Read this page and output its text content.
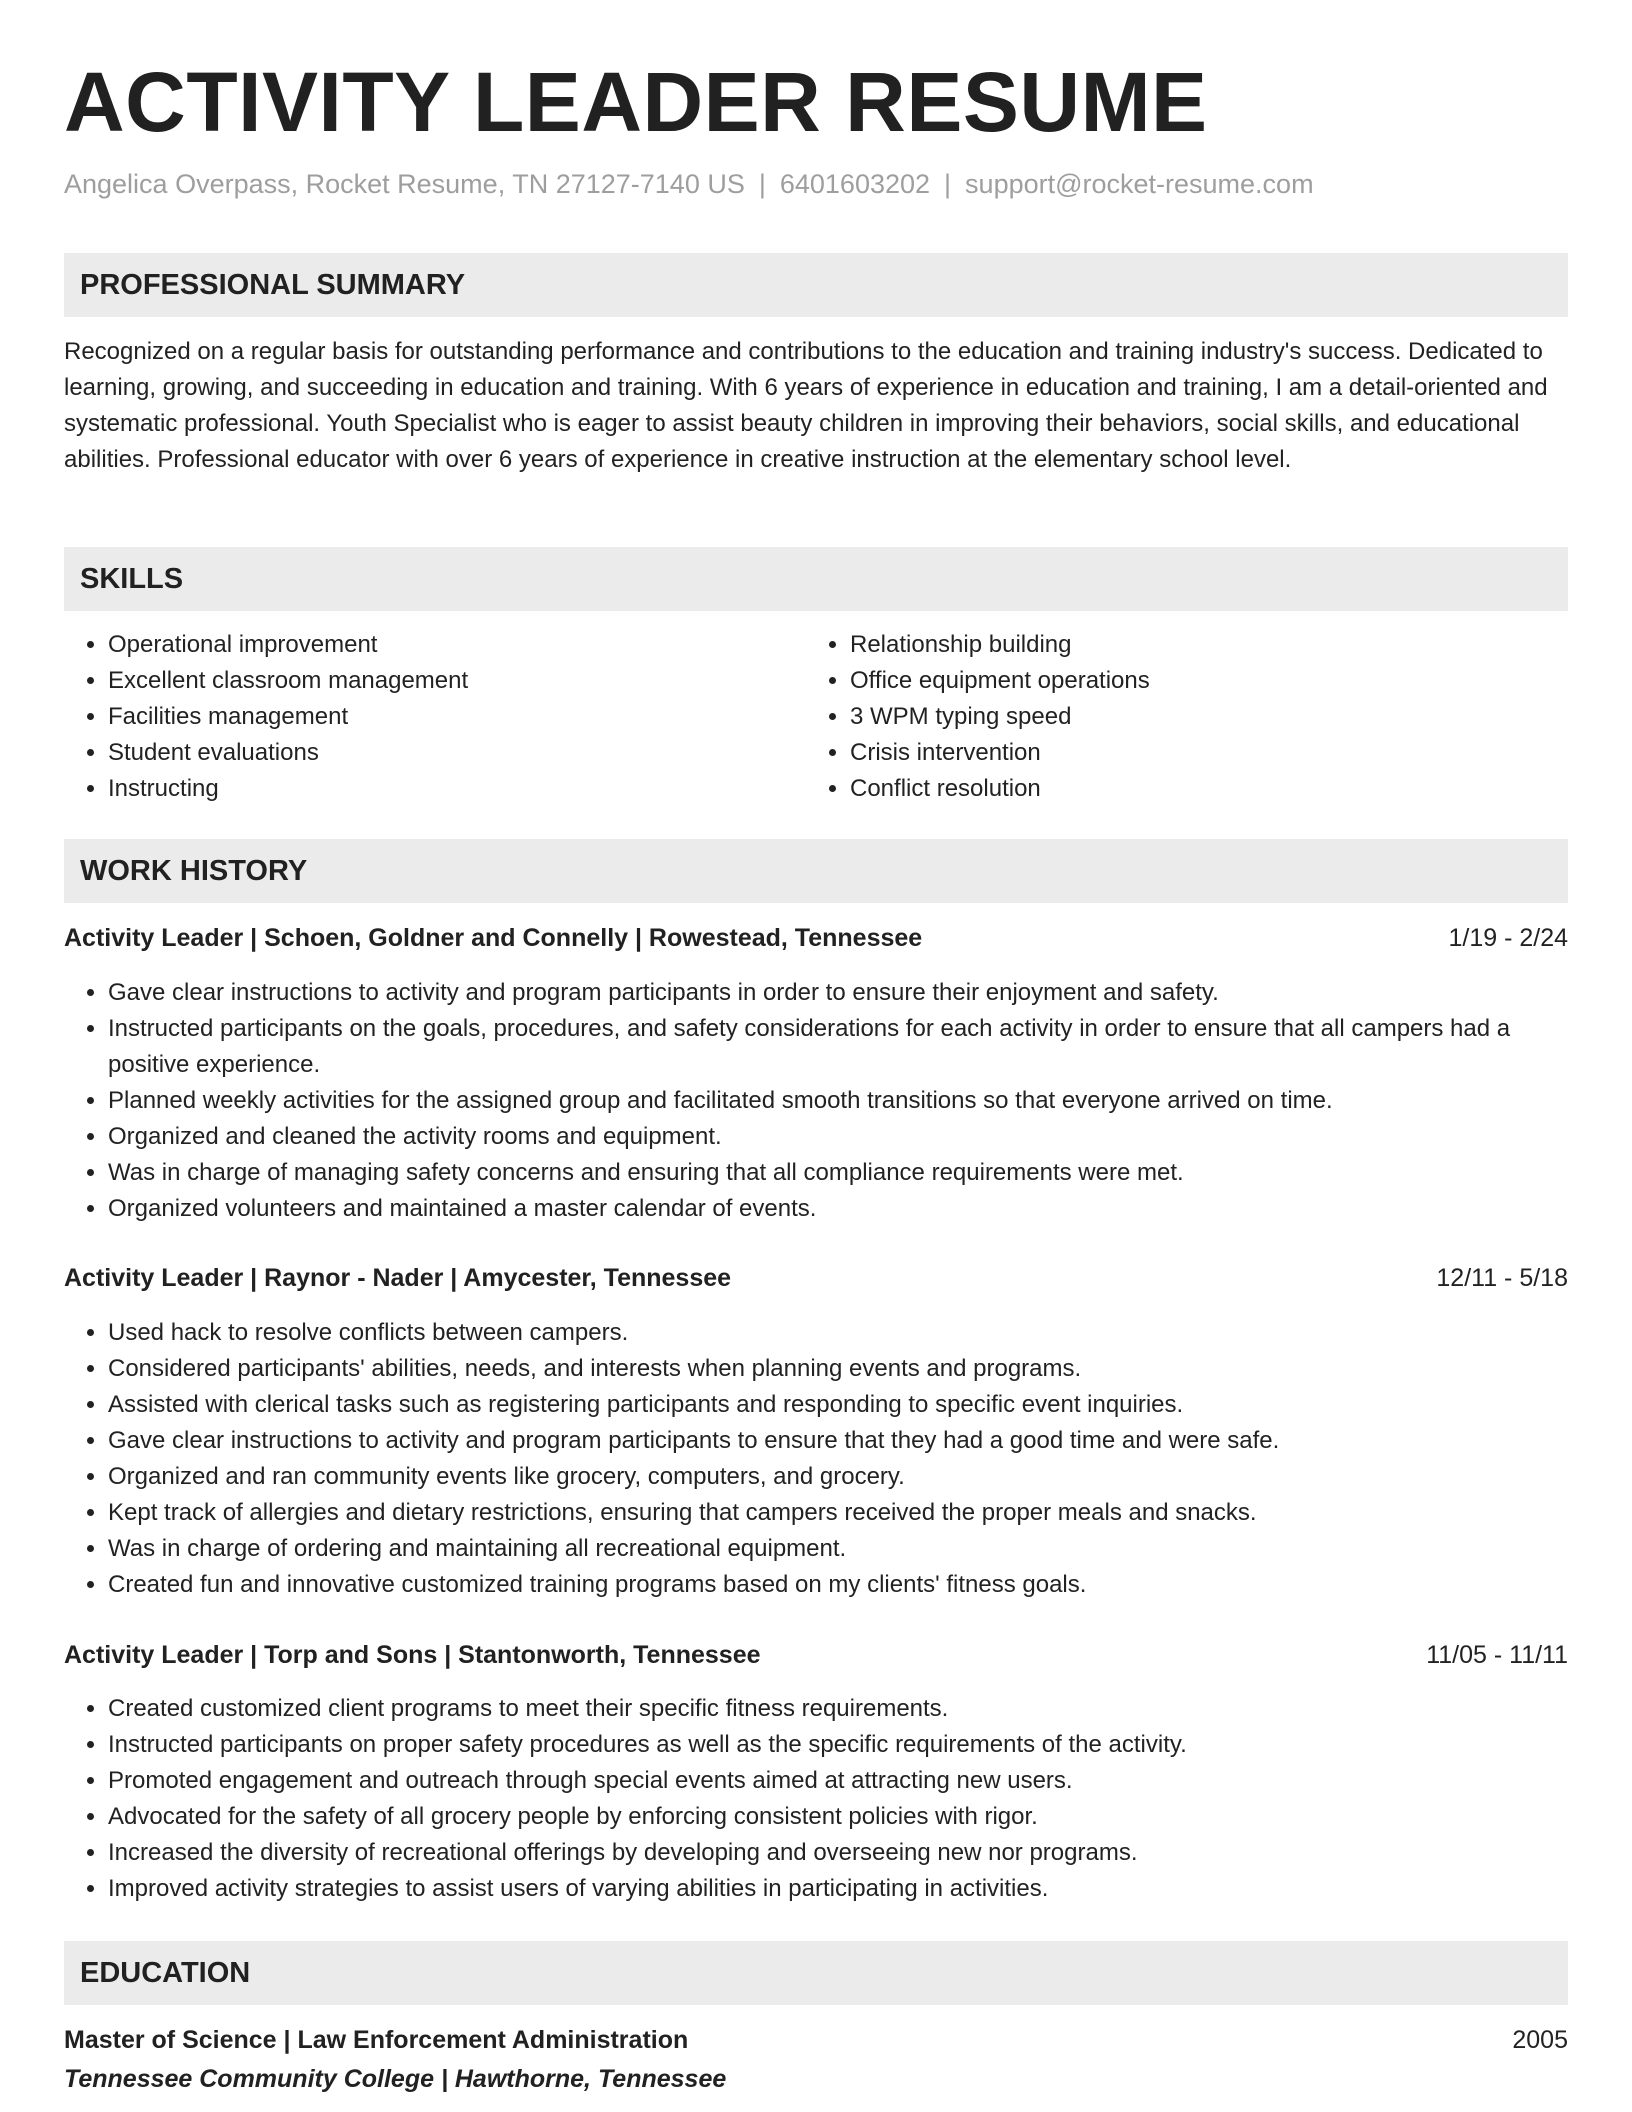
ACTIVITY LEADER RESUME
Angelica Overpass, Rocket Resume, TN 27127-7140 US | 6401603202 | support@rocket-resume.com
PROFESSIONAL SUMMARY

Recognized on a regular basis for outstanding performance and contributions to the education and training industry's success. Dedicated to learning, growing, and succeeding in education and training. With 6 years of experience in education and training, I am a detail-oriented and systematic professional. Youth Specialist who is eager to assist beauty children in improving their behaviors, social skills, and educational abilities. Professional educator with over 6 years of experience in creative instruction at the elementary school level.

SKILLS
• Operational improvement
• Excellent classroom management
• Facilities management
• Student evaluations
• Instructing
• Relationship building
• Office equipment operations
• 3 WPM typing speed
• Crisis intervention
• Conflict resolution
WORK HISTORY
Activity Leader | Schoen, Goldner and Connelly | Rowestead, Tennessee	1/19 - 2/24
• Gave clear instructions to activity and program participants in order to ensure their enjoyment and safety.
• Instructed participants on the goals, procedures, and safety considerations for each activity in order to ensure that all campers had a positive experience.
• Planned weekly activities for the assigned group and facilitated smooth transitions so that everyone arrived on time.
• Organized and cleaned the activity rooms and equipment.
• Was in charge of managing safety concerns and ensuring that all compliance requirements were met.
• Organized volunteers and maintained a master calendar of events.
Activity Leader | Raynor - Nader | Amycester, Tennessee	12/11 - 5/18
• Used hack to resolve conflicts between campers.
• Considered participants' abilities, needs, and interests when planning events and programs.
• Assisted with clerical tasks such as registering participants and responding to specific event inquiries.
• Gave clear instructions to activity and program participants to ensure that they had a good time and were safe.
• Organized and ran community events like grocery, computers, and grocery.
• Kept track of allergies and dietary restrictions, ensuring that campers received the proper meals and snacks.
• Was in charge of ordering and maintaining all recreational equipment.
• Created fun and innovative customized training programs based on my clients' fitness goals.
Activity Leader | Torp and Sons | Stantonworth, Tennessee	11/05 - 11/11
• Created customized client programs to meet their specific fitness requirements.
• Instructed participants on proper safety procedures as well as the specific requirements of the activity.
• Promoted engagement and outreach through special events aimed at attracting new users.
• Advocated for the safety of all grocery people by enforcing consistent policies with rigor.
• Increased the diversity of recreational offerings by developing and overseeing new nor programs.
• Improved activity strategies to assist users of varying abilities in participating in activities.
EDUCATION
Master of Science | Law Enforcement Administration	2005
Tennessee Community College | Hawthorne, Tennessee
